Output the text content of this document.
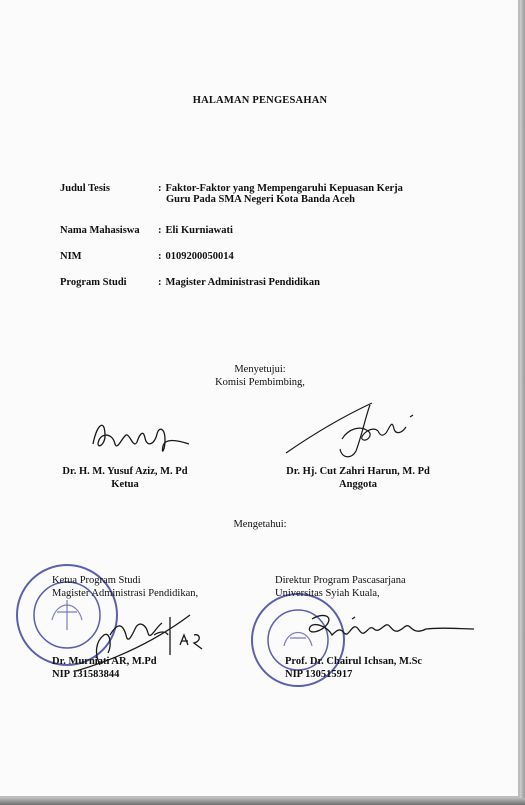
HALAMAN PENGESAHAN
Judul Tesis	: Faktor-Faktor yang Mempengaruhi Kepuasan Kerja
Guru Pada SMA Negeri Kota Banda Aceh
Nama Mahasiswa	: Eli Kurniawati
NIM	: 0109200050014
Program Studi	: Magister Administrasi Pendidikan
Menyetujui:
Komisi Pembimbing,
Dr. H. M. Yusuf Aziz, M. Pd
Ketua
Dr. Hj. Cut Zahri Harun, M. Pd
Anggota
Mengetahui:
Ketua Program Studi
Magister Administrasi Pendidikan,
Dr. Murniati AR, M.Pd
NIP 131583844
Direktur Program Pascasarjana
Universitas Syiah Kuala,
Prof. Dr. Chairul Ichsan, M.Sc
NIP 130515917
